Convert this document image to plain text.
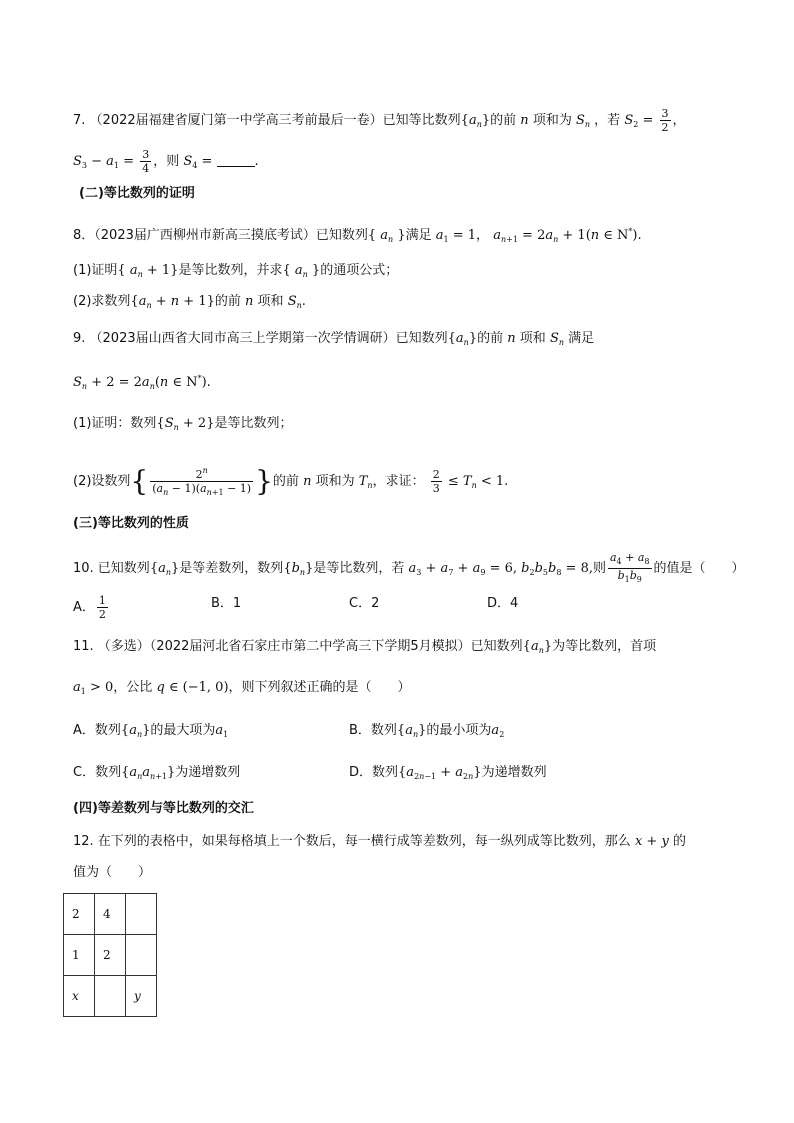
7. （2022届福建省厦门第一中学高三考前最后一卷）已知等比数列$\{a_n\}$的前 n 项和为 $S_n$ ，若 $S_2 = \frac{3}{2}$ ，
$S_3 - a_1 = \frac{3}{4}$ ，则 $S_4$ =	.
(二)等比数列的证明
8．（2023届广西柳州市新高三摸底考试）已知数列{ $a_n$ }满足 $a_1 = 1$， $a_{n+1} = 2a_n + 1(n$ ∈ N*).
(1)证明{ $a_n + 1$}是等比数列，并求{ $a_n$ }的通项公式；
(2)求数列$\{a_n + n + 1\}$的前 n 项和 $S_n$.
9. （2023届山西省大同市高三上学期第一次学情调研）已知数列$\{a_n\}$的前 n 项和 $S_n$ 满足
$S_n + 2 = 2a_n(n$ ∈ N*).
(1)证明：数列$\{S_n + 2\}$是等比数列；
(2)设数列{ $\frac{2^n}{(a_n - 1)(a_{n+1} - 1)}$ }的前 n 项和为 $T_n$，求证： $\frac{2}{3} \le T_n < 1$.
(三)等比数列的性质
10. 已知数列$\{a_n\}$是等差数列，数列$\{b_n\}$是等比数列，若 $a_3 + a_7 + a_9 = 6$, $b_2b_5b_8 = 8$,则 $\frac{a_4 + a_8}{b_1b_9}$ 的值是（　　）
A． $\frac{1}{2}$	B．1	C．2	D．4
11. （多选）（2022届河北省石家庄市第二中学高三下学期5月模拟）已知数列$\{a_n\}$为等比数列，首项
$a_1 > 0$，公比 q ∈ (−1, 0)，则下列叙述正确的是（　　）
A．数列$\{a_n\}$的最大项为$a_1$	B．数列$\{a_n\}$的最小项为$a_2$
C．数列$\{a_na_{n+1}\}$为递增数列	D．数列$\{a_{2n-1} + a_{2n}\}$为递增数列
(四)等差数列与等比数列的交汇
12. 在下列的表格中，如果每格填上一个数后，每一横行成等差数列，每一纵列成等比数列，那么 x + y 的
值为（　　）
2	4	
1	2	
x		y
